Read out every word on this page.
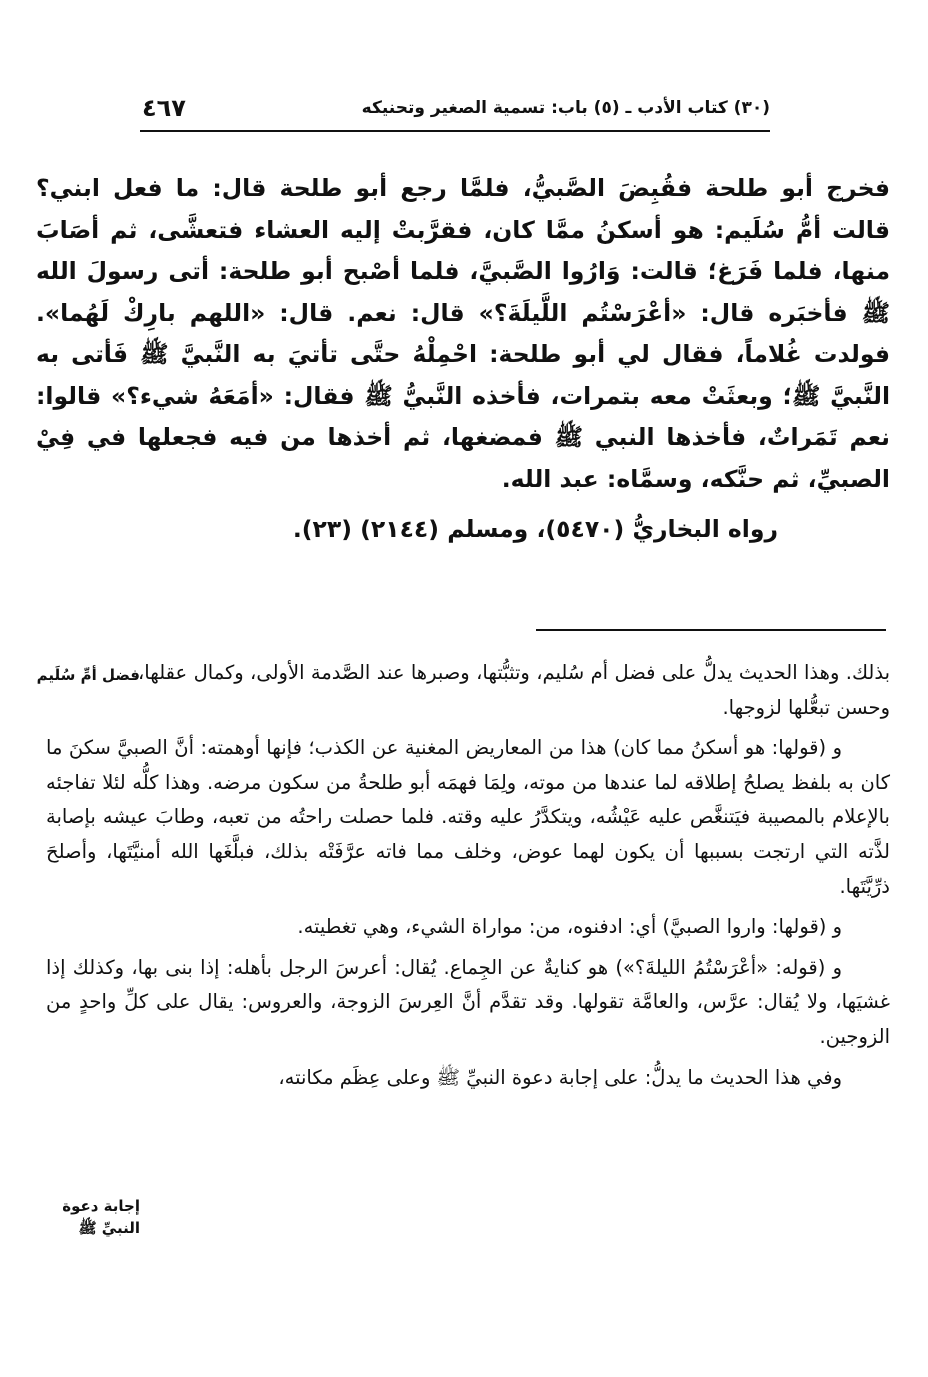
(٣٠) كتاب الأدب ـ (٥) باب: تسمية الصغير وتحنيكه
٤٦٧

فخرج أبو طلحة فقُبِضَ الصَّبيُّ، فلمَّا رجع أبو طلحة قال: ما فعل ابني؟ قالت أمُّ سُلَيم: هو أسكنُ ممَّا كان، فقرَّبتْ إليه العشاء فتعشَّى، ثم أصَابَ منها، فلما فَرَغ؛ قالت: وَارُوا الصَّبيَّ، فلما أصْبح أبو طلحة: أتى رسولَ الله ﷺ فأخبَره قال: «أعْرَسْتُم اللَّيلَةَ؟» قال: نعم. قال: «اللهم بارِكْ لَهُما». فولدت غُلاماً، فقال لي أبو طلحة: احْمِلْهُ حتَّى تأتيَ به النَّبيَّ ﷺ فَأتى به النَّبيَّ ﷺ؛ وبعثَتْ معه بتمرات، فأخذه النَّبيُّ ﷺ فقال: «أمَعَهُ شيء؟» قالوا: نعم تَمَراتٌ، فأخذها النبي ﷺ فمضغها، ثم أخذها من فيه فجعلها في فِيْ الصبيِّ، ثم حنَّكه، وسمَّاه: عبد الله.

رواه البخاريُّ (٥٤٧٠)، ومسلم (٢١٤٤) (٢٣).

بذلك. وهذا الحديث يدلُّ على فضل أم سُليم، وتثبُّتها، وصبرها عند الصَّدمة الأولى، وكمال عقلها، وحسن تبعُّلها لزوجها.

و (قولها: هو أسكنُ مما كان) هذا من المعاريض المغنية عن الكذب؛ فإنها أوهمته: أنَّ الصبيَّ سكنَ ما كان به بلفظ يصلحُ إطلاقه لما عندها من موته، ولِمَا فهمَه أبو طلحةُ من سكون مرضه. وهذا كلُّه لئلا تفاجئه بالإعلام بالمصيبة فيَتنغَّص عليه عَيْشُه، ويتكدَّرُ عليه وقته. فلما حصلت راحتُه من تعبه، وطابَ عيشه بإصابة لذَّته التي ارتجت بسببها أن يكون لهما عوض، وخلف مما فاته عرَّفَتْه بذلك، فبلَّغَها الله أمنيَّتَها، وأصلحَ ذرِّيَّتَها.

و (قولها: واروا الصبيَّ) أي: ادفنوه، من: مواراة الشيء، وهي تغطيته.

و (قوله: «أعْرَسْتُمُ الليلةَ؟») هو كنايةٌ عن الجِماع. يُقال: أعرسَ الرجل بأهله: إذا بنى بها، وكذلك إذا غشيَها، ولا يُقال: عرَّس، والعامَّة تقولها. وقد تقدَّم أنَّ العِرسَ الزوجة، والعروس: يقال على كلِّ واحدٍ من الزوجين.

وفي هذا الحديث ما يدلُّ: على إجابة دعوة النبيِّ ﷺ وعلى عِظَم مكانته،

فضل أمِّ سُلَيم
إجابة دعوة النبيِّ ﷺ
